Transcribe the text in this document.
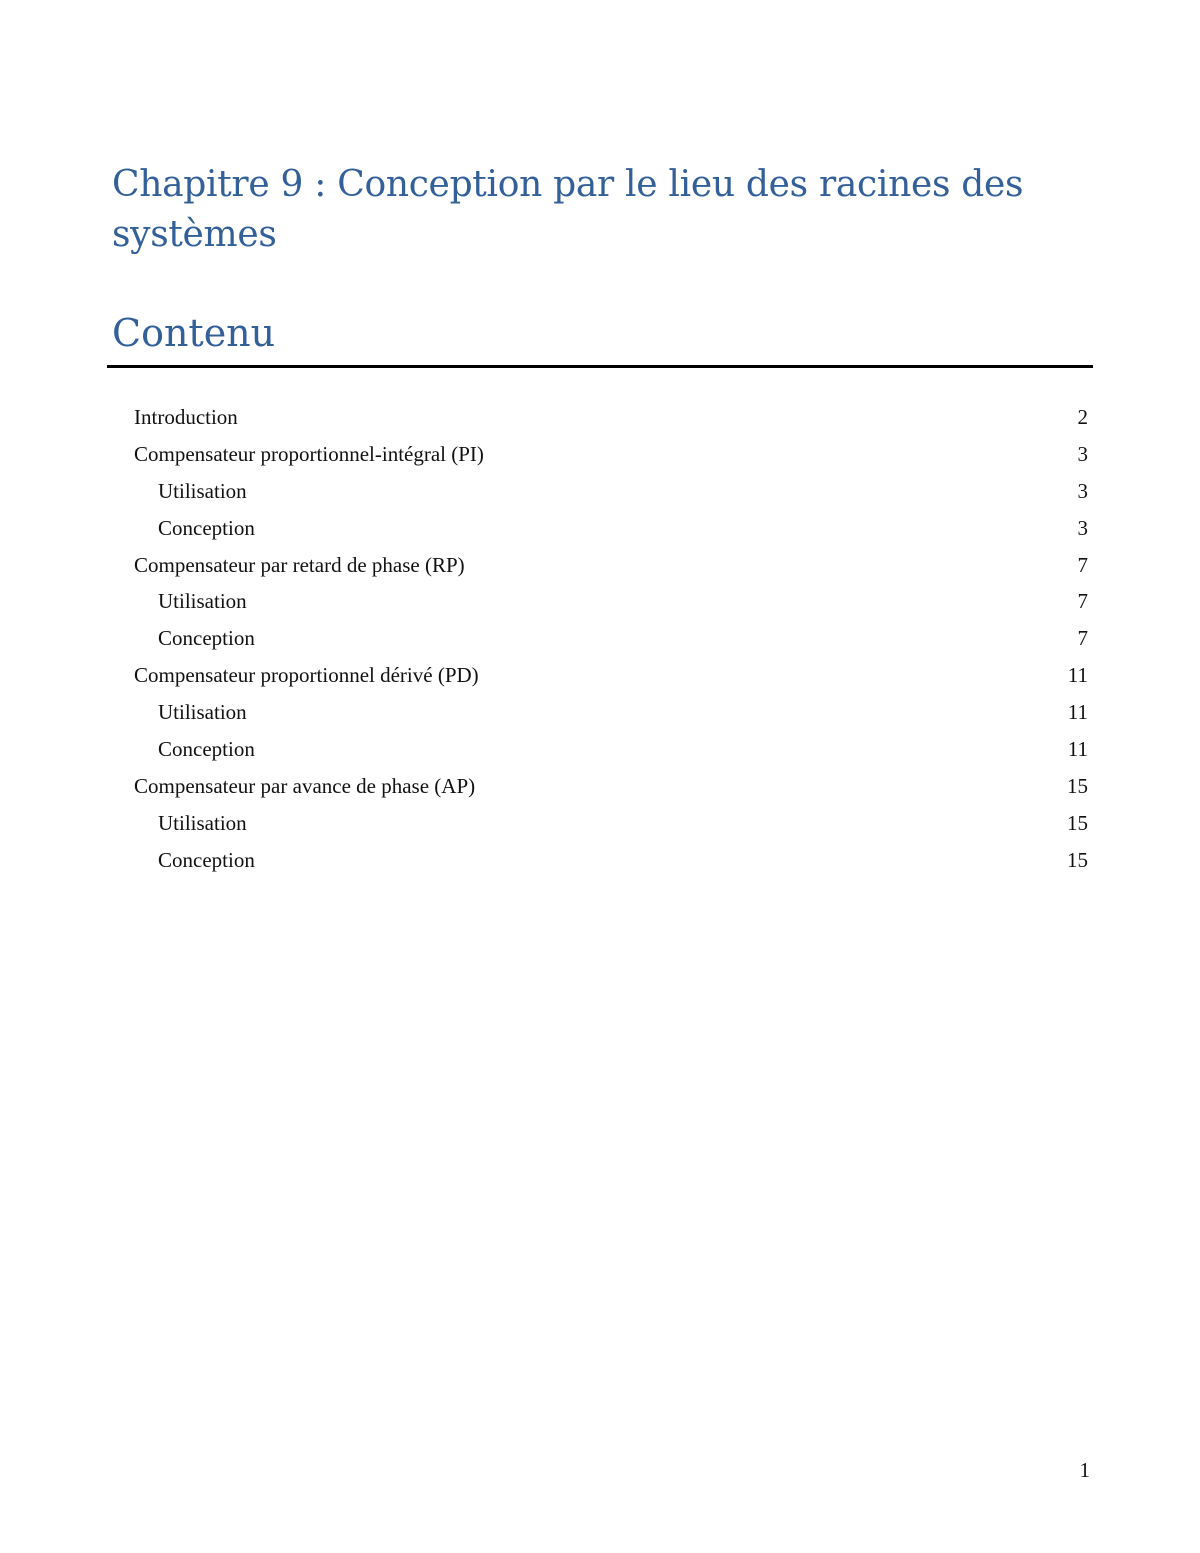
Chapitre 9 : Conception par le lieu des racines des systèmes
Contenu
Introduction	2
Compensateur proportionnel-intégral (PI)	3
Utilisation	3
Conception	3
Compensateur par retard de phase (RP)	7
Utilisation	7
Conception	7
Compensateur proportionnel dérivé (PD)	11
Utilisation	11
Conception	11
Compensateur par avance de phase (AP)	15
Utilisation	15
Conception	15
1
